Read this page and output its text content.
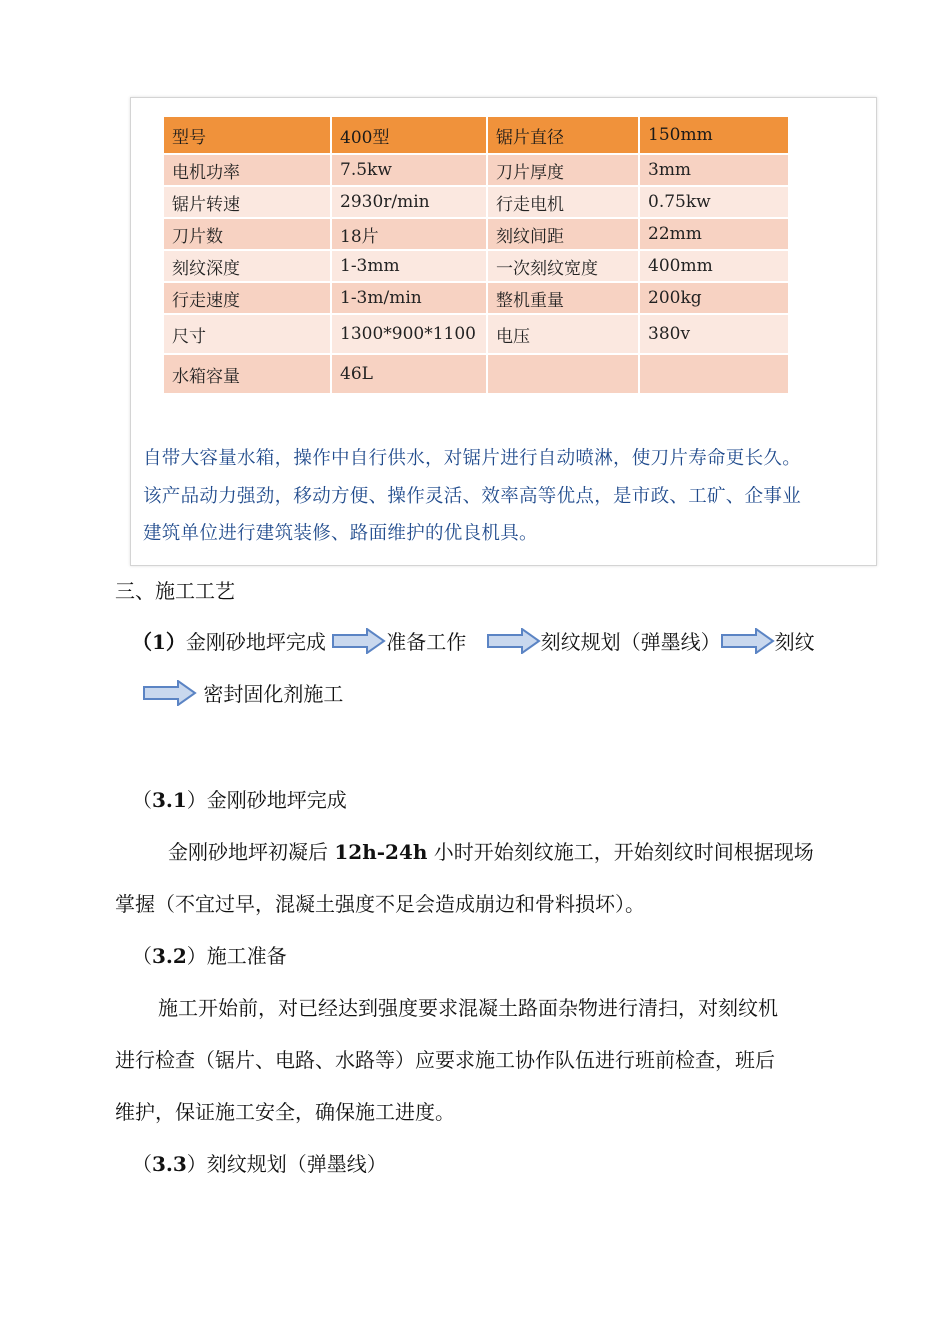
型号	400型	锯片直径	150mm
电机功率	7.5kw	刀片厚度	3mm
锯片转速	2930r/min	行走电机	0.75kw
刀片数	18片	刻纹间距	22mm
刻纹深度	1-3mm	一次刻纹宽度	400mm
行走速度	1-3m/min	整机重量	200kg
尺寸	1300*900*1100	电压	380v
水箱容量	46L		

自带大容量水箱，操作中自行供水，对锯片进行自动喷淋，使刀片寿命更长久。

该产品动力强劲，移动方便、操作灵活、效率高等优点，是市政、工矿、企事业

建筑单位进行建筑装修、路面维护的优良机具。

三、施工工艺
（1）金刚砂地坪完成	准备工作	刻纹规划（弹墨线）	刻纹
密封固化剂施工
（3.1）金刚砂地坪完成
金刚砂地坪初凝后 12h-24h 小时开始刻纹施工，开始刻纹时间根据现场
掌握（不宜过早，混凝土强度不足会造成崩边和骨料损坏）。
（3.2）施工准备
施工开始前，对已经达到强度要求混凝土路面杂物进行清扫，对刻纹机
进行检查（锯片、电路、水路等）应要求施工协作队伍进行班前检查，班后
维护，保证施工安全，确保施工进度。
（3.3）刻纹规划（弹墨线）
